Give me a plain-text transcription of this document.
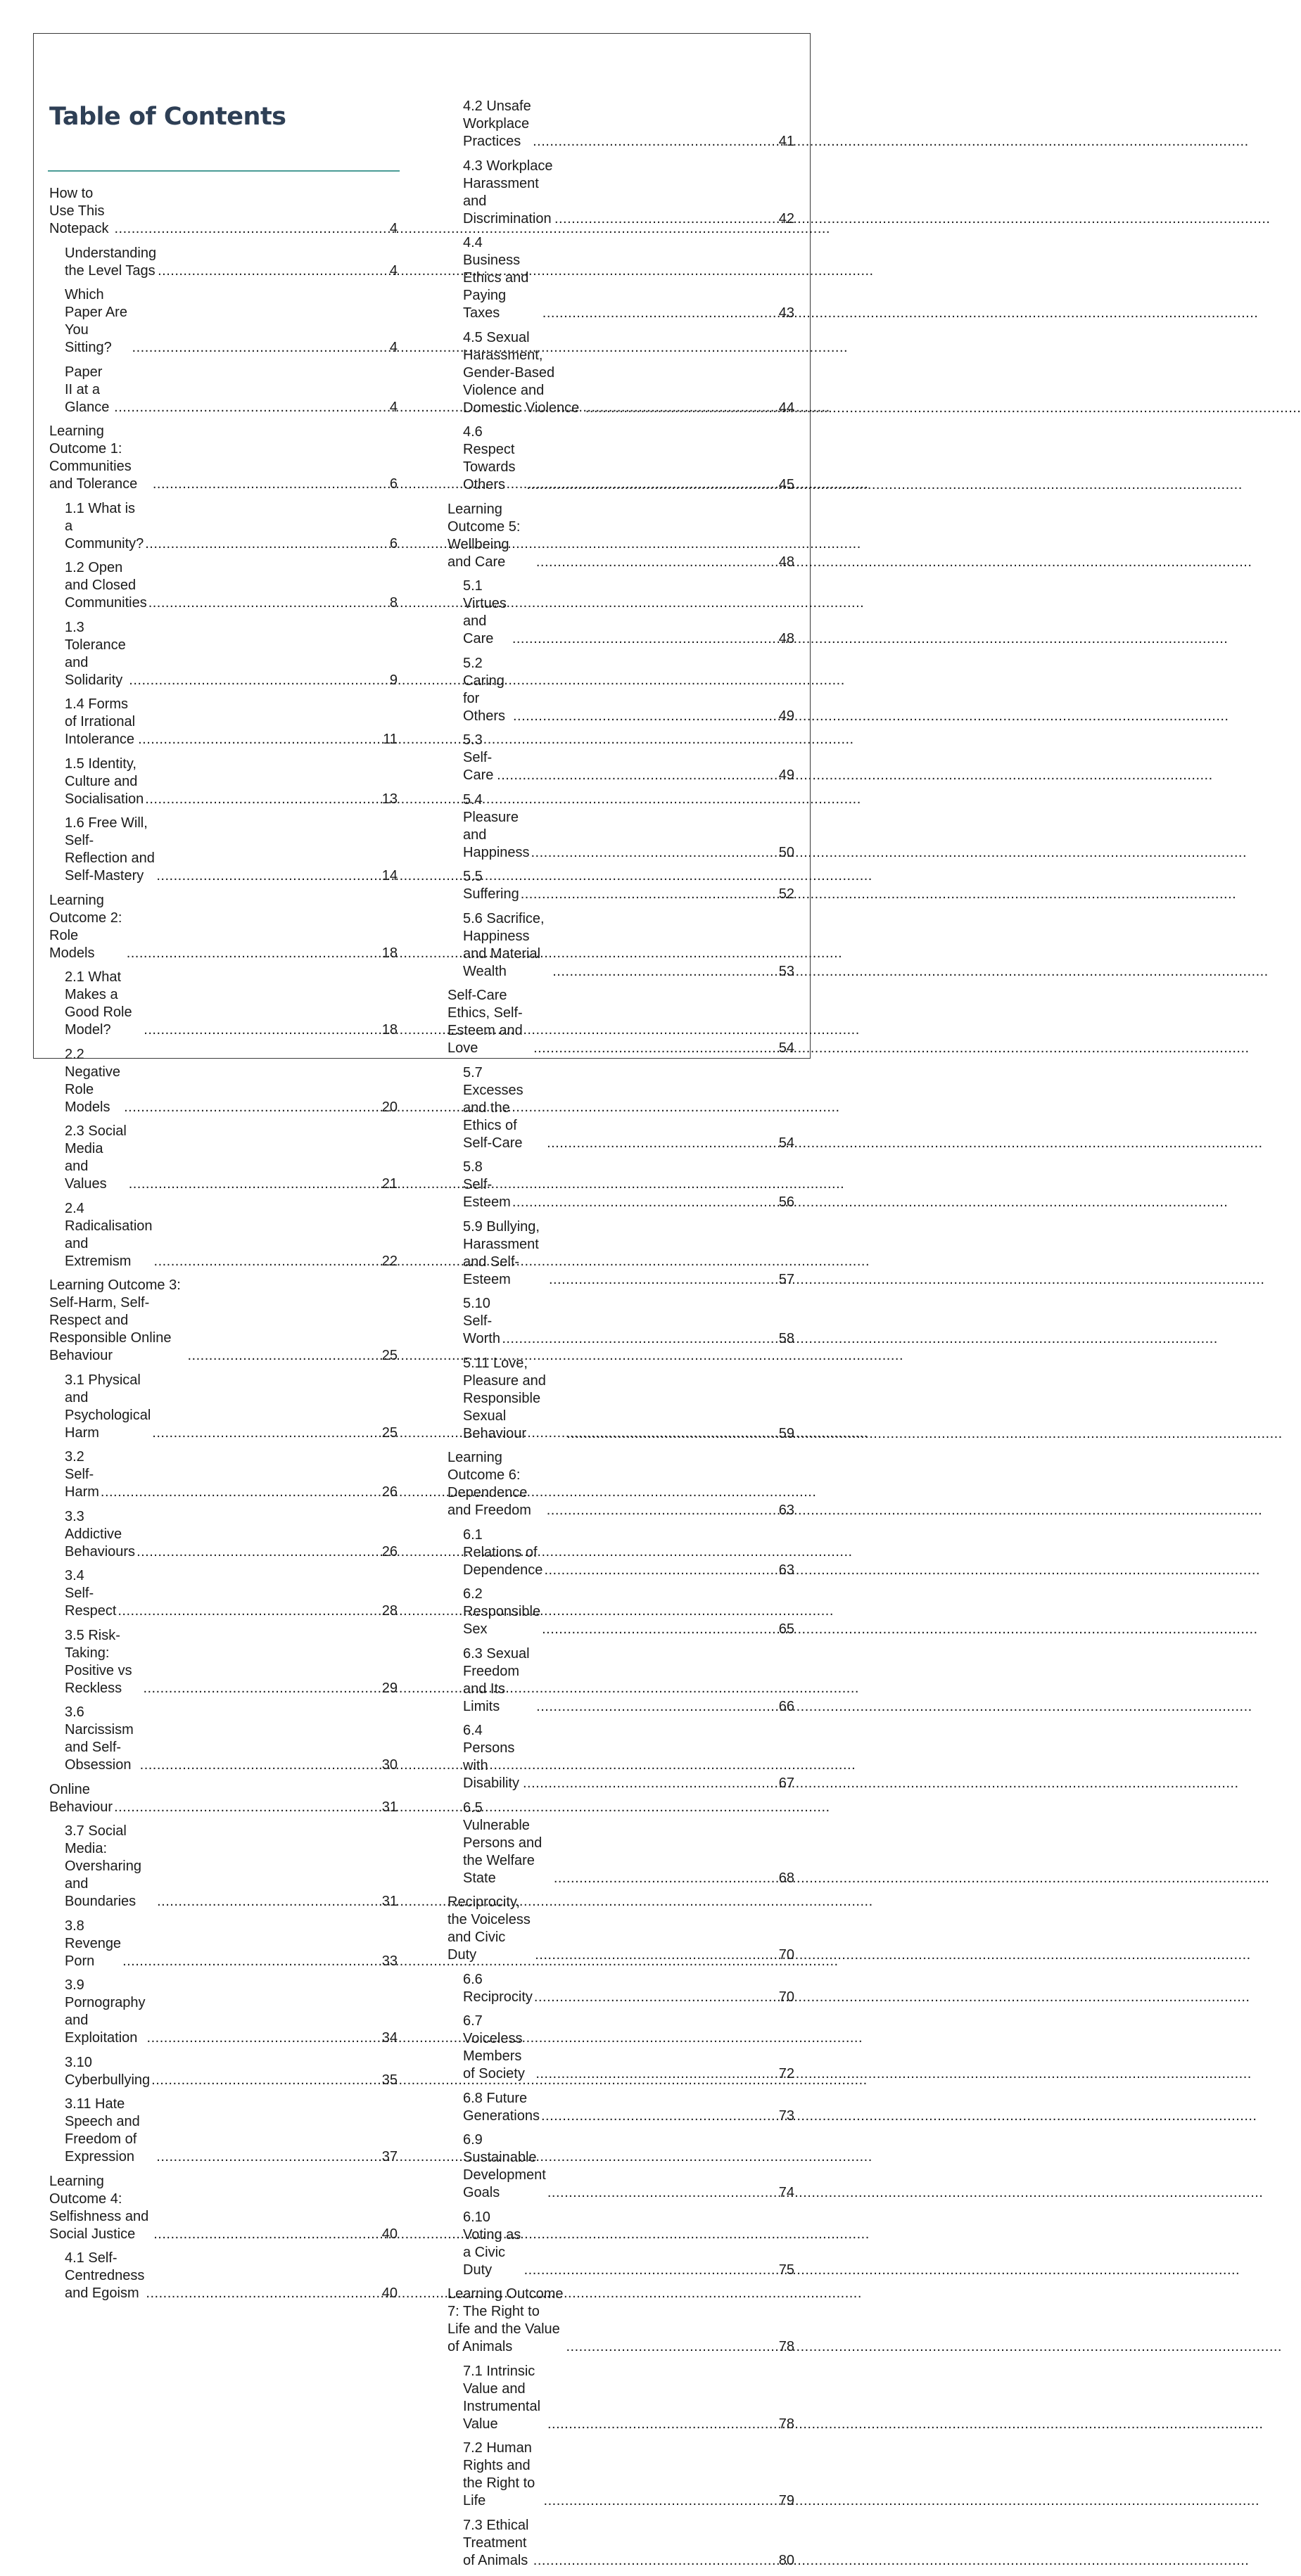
Table of Contents
How to Use This Notepack .....	4
Understanding the Level Tags .....	4
Which Paper Are You Sitting? .....	4
Paper II at a Glance .....	4
Learning Outcome 1: Communities and Tolerance .....	6
1.1 What is a Community? .....	6
1.2 Open and Closed Communities .....	8
1.3 Tolerance and Solidarity .....	9
1.4 Forms of Irrational Intolerance .....	11
1.5 Identity, Culture and Socialisation .....	13
1.6 Free Will, Self-Reflection and Self-Mastery .....	14
Learning Outcome 2: Role Models .....	18
2.1 What Makes a Good Role Model? .....	18
2.2 Negative Role Models .....	20
2.3 Social Media and Values .....	21
2.4 Radicalisation and Extremism .....	22
Learning Outcome 3: Self-Harm, Self-Respect and Responsible Online Behaviour .....	25
3.1 Physical and Psychological Harm .....	25
3.2 Self-Harm .....	26
3.3 Addictive Behaviours .....	26
3.4 Self-Respect .....	28
3.5 Risk-Taking: Positive vs Reckless .....	29
3.6 Narcissism and Self-Obsession .....	30
Online Behaviour .....	31
3.7 Social Media: Oversharing and Boundaries .....	31
3.8 Revenge Porn .....	33
3.9 Pornography and Exploitation .....	34
3.10 Cyberbullying .....	35
3.11 Hate Speech and Freedom of Expression .....	37
Learning Outcome 4: Selfishness and Social Justice .....	40
4.1 Self-Centredness and Egoism .....	40
4.2 Unsafe Workplace Practices .....	41
4.3 Workplace Harassment and Discrimination .....	42
4.4 Business Ethics and Paying Taxes .....	43
4.5 Sexual Harassment, Gender-Based Violence and Domestic Violence .....	44
4.6 Respect Towards Others .....	45
Learning Outcome 5: Wellbeing and Care .....	48
5.1 Virtues and Care .....	48
5.2 Caring for Others .....	49
5.3 Self-Care .....	49
5.4 Pleasure and Happiness .....	50
5.5 Suffering .....	52
5.6 Sacrifice, Happiness and Material Wealth .....	53
Self-Care Ethics, Self-Esteem and Love .....	54
5.7 Excesses and the Ethics of Self-Care .....	54
5.8 Self-Esteem .....	56
5.9 Bullying, Harassment and Self-Esteem .....	57
5.10 Self-Worth .....	58
5.11 Love, Pleasure and Responsible Sexual Behaviour .....	59
Learning Outcome 6: Dependence and Freedom .....	63
6.1 Relations of Dependence .....	63
6.2 Responsible Sex .....	65
6.3 Sexual Freedom and Its Limits .....	66
6.4 Persons with Disability .....	67
6.5 Vulnerable Persons and the Welfare State .....	68
Reciprocity, the Voiceless and Civic Duty .....	70
6.6 Reciprocity .....	70
6.7 Voiceless Members of Society .....	72
6.8 Future Generations .....	73
6.9 Sustainable Development Goals .....	74
6.10 Voting as a Civic Duty .....	75
Learning Outcome 7: The Right to Life and the Value of Animals .....	78
7.1 Intrinsic Value and Instrumental Value .....	78
7.2 Human Rights and the Right to Life .....	79
7.3 Ethical Treatment of Animals .....	80
